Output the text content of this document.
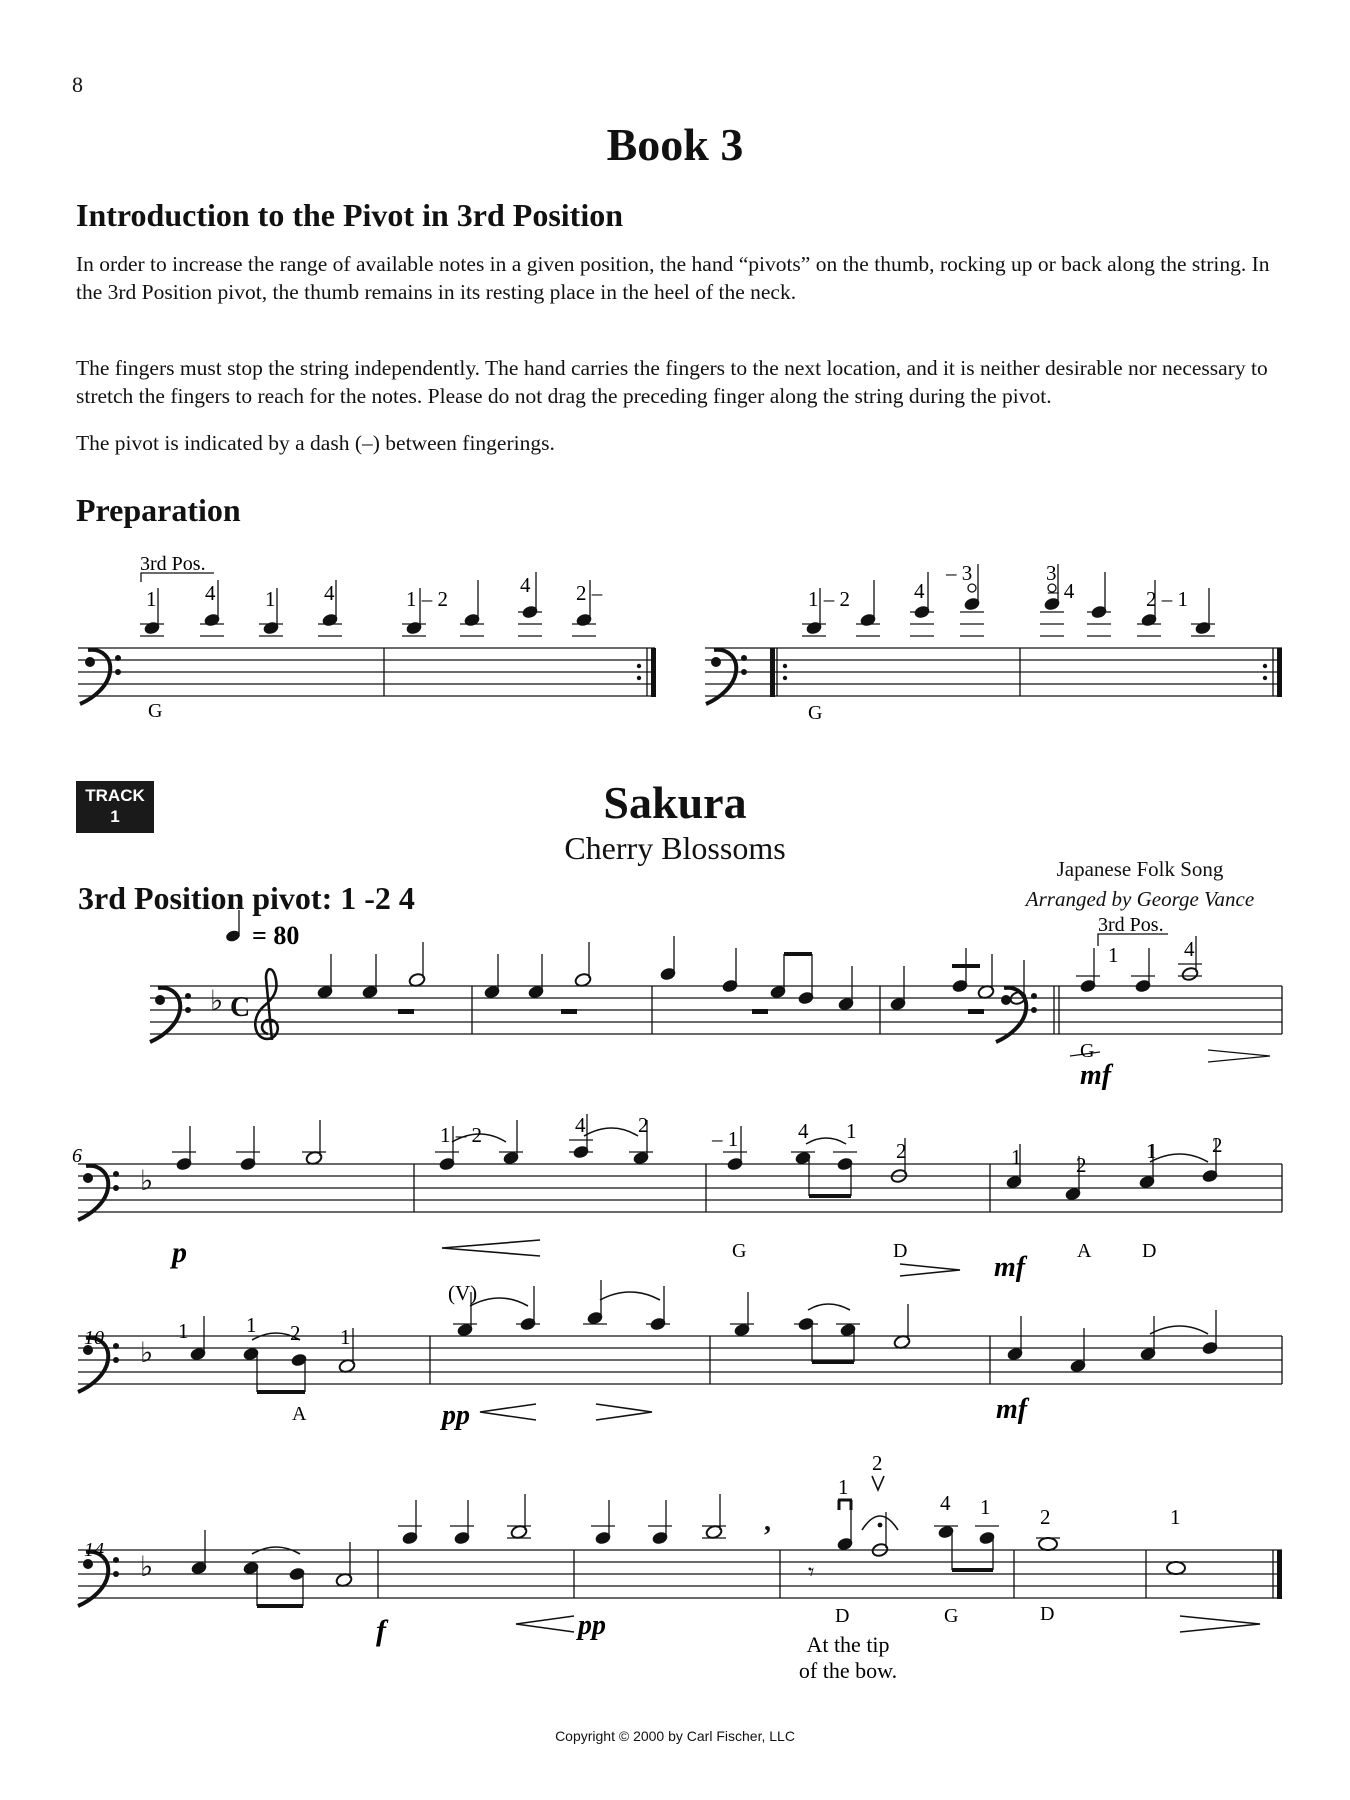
8
Book 3
Introduction to the Pivot in 3rd Position
In order to increase the range of available notes in a given position, the hand “pivots” on the thumb, rocking up or back along the string. In the 3rd Position pivot, the thumb remains in its resting place in the heel of the neck.
The fingers must stop the string independently. The hand carries the fingers to the next location, and it is neither desirable nor necessary to stretch the fingers to reach for the notes. Please do not drag the preceding finger along the string during the pivot.
The pivot is indicated by a dash (–) between fingerings.
Preparation
TRACK
1	Sakura
Cherry Blossoms
Japanese Folk Song
Arranged by George Vance
3rd Position pivot: 1 -2 4
3rd Pos.
1 4 1 4	1 – 2
4 2 –
G
1 – 2	4
– 3	3
– 4	2 – 1
G
♭ C
= 80	3rd Pos.
1	4
G
mf
♭
6
1 – 2	4	2
– 1	4 1
2	1	2
1	2
p	G	D	A	D
mf
♭
10
(V)
1	1 2 1
A	pp	mf
♭
14
,
𝄾
1
2
4 1 2	1
f	pp	D	G	D
At the tip
of the bow.
Copyright © 2000 by Carl Fischer, LLC
